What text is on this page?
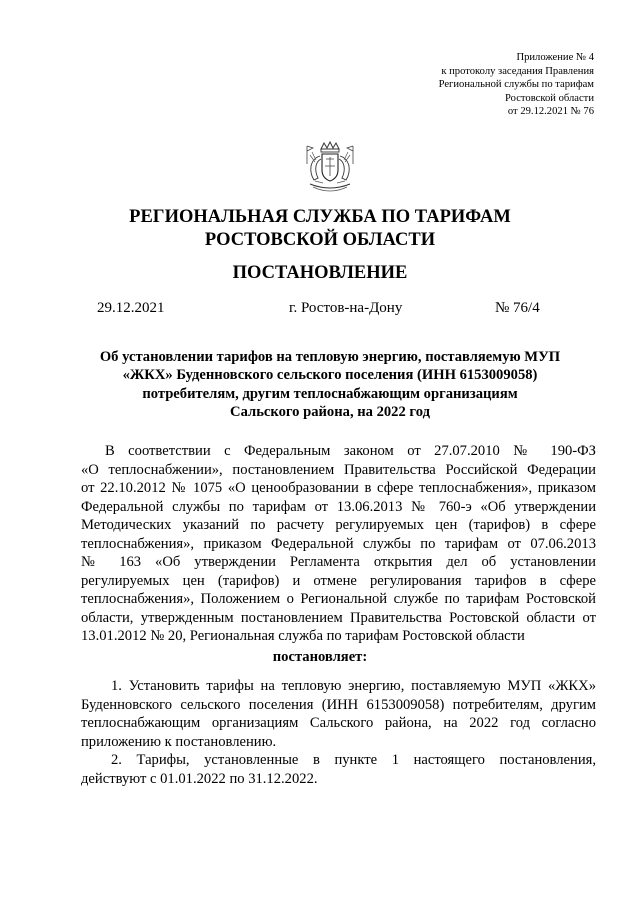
Приложение № 4
к протоколу заседания Правления
Региональной службы по тарифам
Ростовской области
от 29.12.2021 № 76
РЕГИОНАЛЬНАЯ СЛУЖБА ПО ТАРИФАМ
РОСТОВСКОЙ ОБЛАСТИ
ПОСТАНОВЛЕНИЕ
29.12.2021	г. Ростов-на-Дону	№ 76/4
Об установлении тарифов на тепловую энергию, поставляемую МУП
«ЖКХ» Буденновского сельского поселения (ИНН 6153009058)
потребителям, другим теплоснабжающим организациям
Сальского района, на 2022 год
В соответствии с Федеральным законом от 27.07.2010 № 190-ФЗ
«О теплоснабжении», постановлением Правительства Российской Федерации
от 22.10.2012 № 1075 «О ценообразовании в сфере теплоснабжения», приказом
Федеральной службы по тарифам от 13.06.2013 № 760-э «Об утверждении
Методических указаний по расчету регулируемых цен (тарифов) в сфере
теплоснабжения», приказом Федеральной службы по тарифам от 07.06.2013
№ 163 «Об утверждении Регламента открытия дел об установлении
регулируемых цен (тарифов) и отмене регулирования тарифов в сфере
теплоснабжения», Положением о Региональной службе по тарифам Ростовской
области, утвержденным постановлением Правительства Ростовской области от
13.01.2012 № 20, Региональная служба по тарифам Ростовской области
постановляет:
1. Установить тарифы на тепловую энергию, поставляемую МУП «ЖКХ»
Буденновского сельского поселения (ИНН 6153009058) потребителям, другим
теплоснабжающим организациям Сальского района, на 2022 год согласно
приложению к постановлению.
2. Тарифы, установленные в пункте 1 настоящего постановления,
действуют с 01.01.2022 по 31.12.2022.
